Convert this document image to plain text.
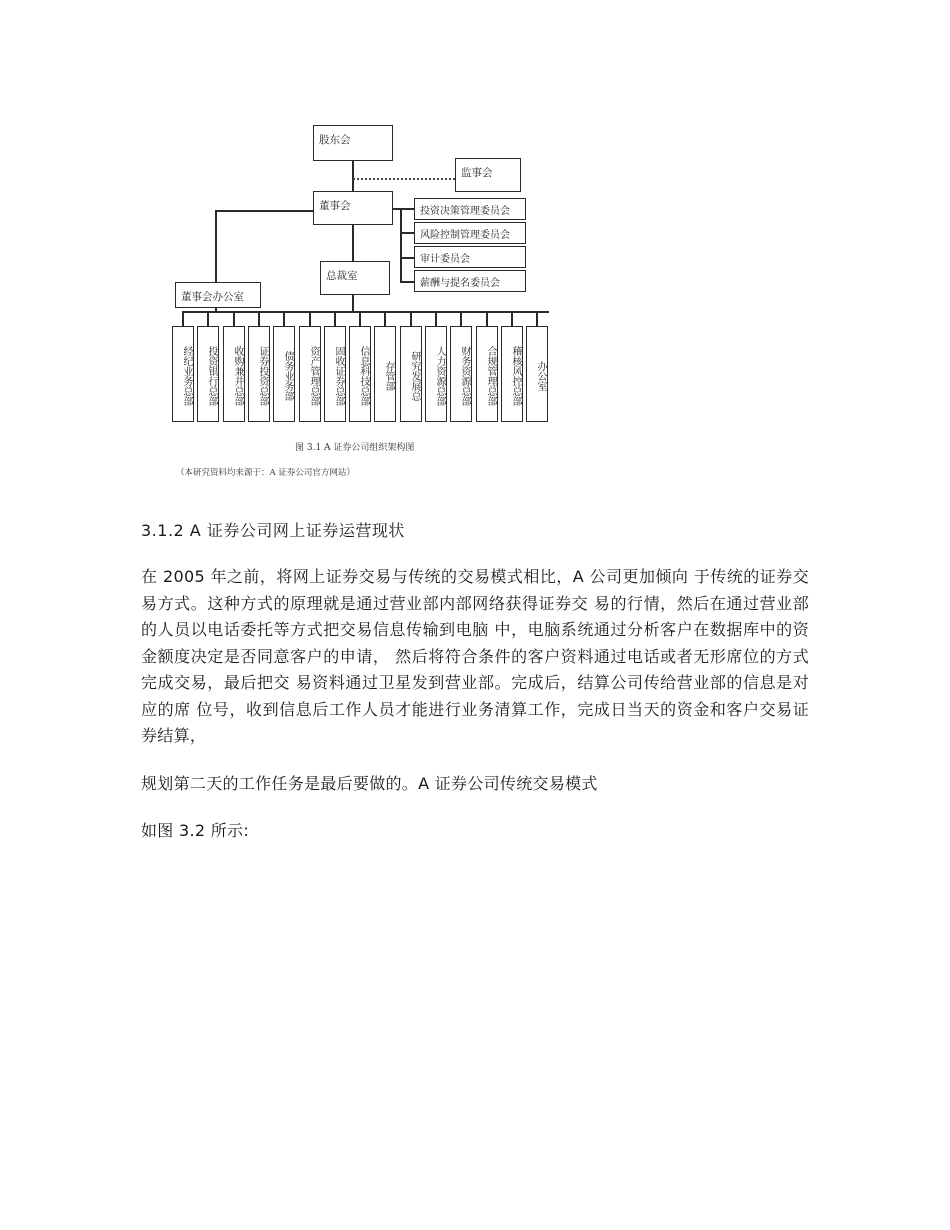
股东会
监事会
董事会	投资决策管理委员会
风险控制管理委员会
审计委员会
薪酬与提名委员会
董事会办公室
总裁室
经纪业务总部	投资银行总部	收购兼并总部	证券投资总部	债务业务部	资产管理总部	固收证券总部	信息科技总部	存管部	研究发展总	人力资源总部	财务资源总部	合规管理总部	稽核风控总部	办公室
图 3.1 A 证券公司组织架构图
（本研究资料均来源于：A 证券公司官方网站）
3.1.2 A 证券公司网上证券运营现状
在 2005 年之前，将网上证券交易与传统的交易模式相比，A 公司更加倾向 于传统的证券交易方式。这种方式的原理就是通过营业部内部网络获得证券交 易的行情，然后在通过营业部的人员以电话委托等方式把交易信息传输到电脑 中，电脑系统通过分析客户在数据库中的资金额度决定是否同意客户的申请， 然后将符合条件的客户资料通过电话或者无形席位的方式完成交易，最后把交 易资料通过卫星发到营业部。完成后，结算公司传给营业部的信息是对应的席 位号，收到信息后工作人员才能进行业务清算工作，完成日当天的资金和客户交易证券结算，
规划第二天的工作任务是最后要做的。A 证券公司传统交易模式
如图 3.2 所示:
